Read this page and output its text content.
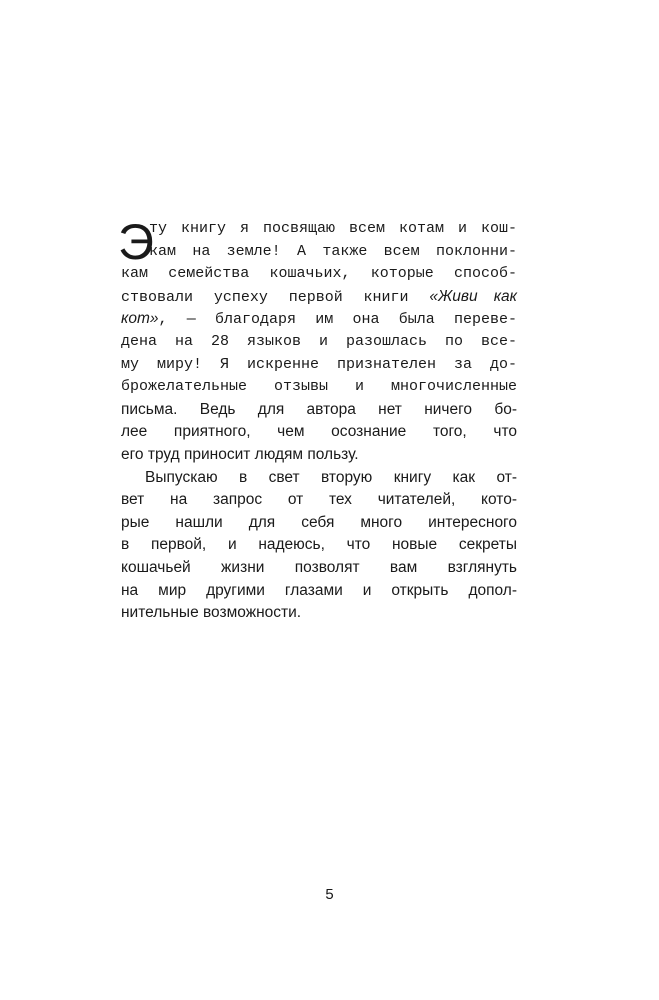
Э
ту книгу я посвящаю всем котам и кош-
кам на земле! А также всем поклонни-
кам семейства кошачьих, которые способ-
ствовали успеху первой книги «Живи как
кот», — благодаря им она была переве-
дена на 28 языков и разошлась по все-
му миру! Я искренне признателен за до-
брожелательные отзывы и многочисленные
письма. Ведь для автора нет ничего бо-
лее приятного, чем осознание того, что
его труд приносит людям пользу.
Выпускаю в свет вторую книгу как от-
вет на запрос от тех читателей, кото-
рые нашли для себя много интересного
в первой, и надеюсь, что новые секреты
кошачьей жизни позволят вам взглянуть
на мир другими глазами и открыть допол-
нительные возможности.
5
